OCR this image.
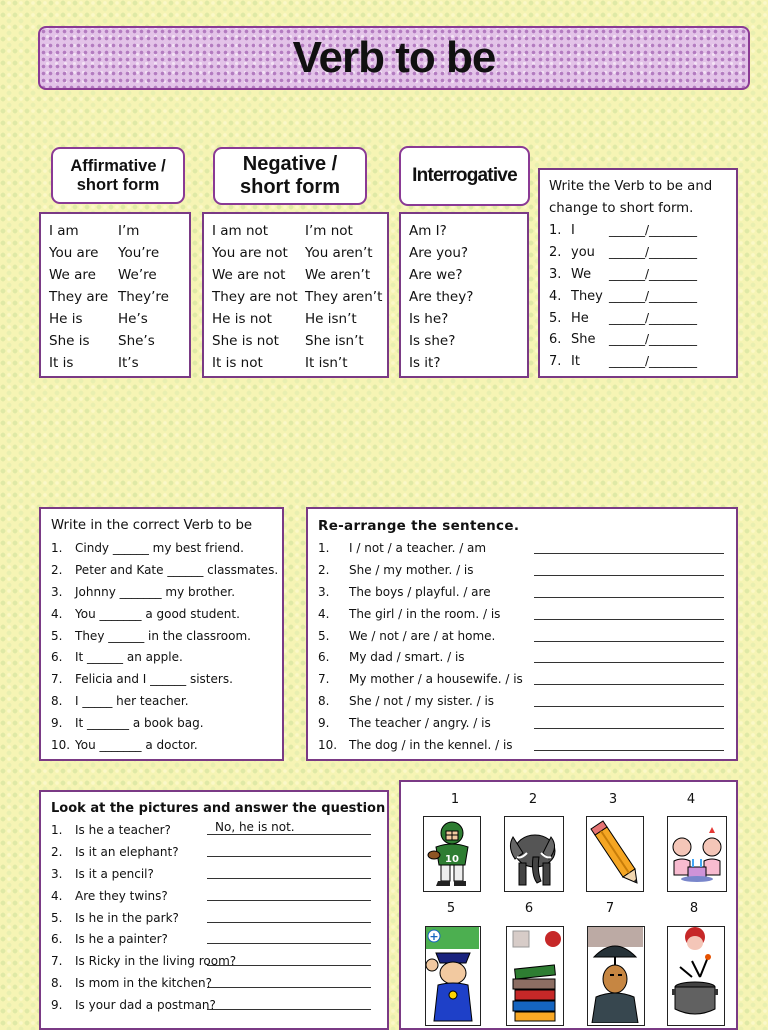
Verb to be
Affirmative / short form
Negative / short form
Interrogative
I am	I’m
You are	You’re
We are	We’re
They are They’re
He is	He’s
She is	She’s
It is	It’s
I am not	I’m not
You are not	You aren’t
We are not	We aren’t
They are not They aren’t
He is not	He isn’t
She is not	She isn’t
It is not	It isn’t
Am I?
Are you?
Are we?
Are they?
Is he?
Is she?
Is it?
Write the Verb to be and change to short form.
1. I	______/________
2. you	______/________
3. We	______/________
4. They ______/________
5. He	______/________
6. She	______/________
7. It	______/________
Write in the correct Verb to be
1.	Cindy ______ my best friend.
2.	Peter and Kate ______ classmates.
3.	Johnny _______ my brother.
4.	You _______ a good student.
5.	They ______ in the classroom.
6.	It ______ an apple.
7.	Felicia and I ______ sisters.
8.	I _____ her teacher.
9.	It _______ a book bag.
10. You _______ a doctor.
Re-arrange the sentence.
1.	I / not / a teacher. / am
2.	She / my mother. / is
3.	The boys / playful. / are
4.	The girl / in the room. / is
5.	We / not / are / at home.
6.	My dad / smart. / is
7.	My mother / a housewife. / is
8.	She / not / my sister. / is
9.	The teacher / angry. / is
10. The dog / in the kennel. / is
Look at the pictures and answer the question
1.	Is he a teacher?	No, he is not.
2.	Is it an elephant?
3.	Is it a pencil?
4.	Are they twins?
5.	Is he in the park?
6.	Is he a painter?
7.	Is Ricky in the living room?
8.	Is mom in the kitchen?
9.	Is your dad a postman?
1	2	3	4
5	6	7	8
10
+
